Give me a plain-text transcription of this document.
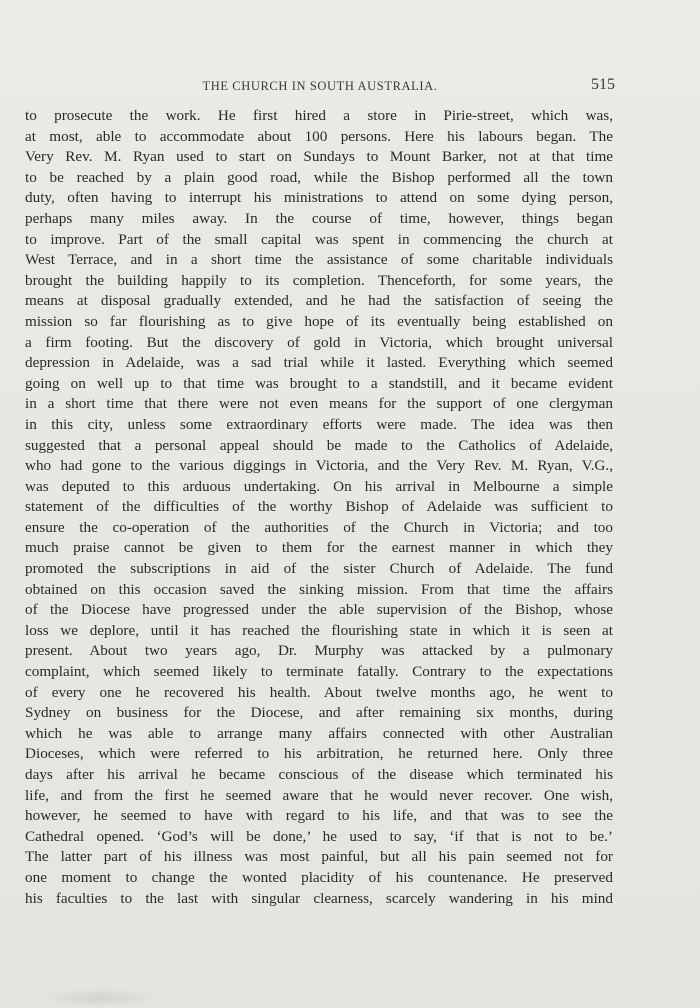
THE CHURCH IN SOUTH AUSTRALIA.	515
to prosecute the work. He first hired a store in Pirie-street, which was,
at most, able to accommodate about 100 persons. Here his labours began. The
Very Rev. M. Ryan used to start on Sundays to Mount Barker, not at that time
to be reached by a plain good road, while the Bishop performed all the town
duty, often having to interrupt his ministrations to attend on some dying person,
perhaps many miles away. In the course of time, however, things began
to improve. Part of the small capital was spent in commencing the church at
West Terrace, and in a short time the assistance of some charitable individuals
brought the building happily to its completion. Thenceforth, for some years, the
means at disposal gradually extended, and he had the satisfaction of seeing the
mission so far flourishing as to give hope of its eventually being established on
a firm footing. But the discovery of gold in Victoria, which brought universal
depression in Adelaide, was a sad trial while it lasted. Everything which seemed
going on well up to that time was brought to a standstill, and it became evident
in a short time that there were not even means for the support of one clergyman
in this city, unless some extraordinary efforts were made. The idea was then
suggested that a personal appeal should be made to the Catholics of Adelaide,
who had gone to the various diggings in Victoria, and the Very Rev. M. Ryan, V.G.,
was deputed to this arduous undertaking. On his arrival in Melbourne a simple
statement of the difficulties of the worthy Bishop of Adelaide was sufficient to
ensure the co-operation of the authorities of the Church in Victoria; and too
much praise cannot be given to them for the earnest manner in which they
promoted the subscriptions in aid of the sister Church of Adelaide. The fund
obtained on this occasion saved the sinking mission. From that time the affairs
of the Diocese have progressed under the able supervision of the Bishop, whose
loss we deplore, until it has reached the flourishing state in which it is seen at
present. About two years ago, Dr. Murphy was attacked by a pulmonary
complaint, which seemed likely to terminate fatally. Contrary to the expectations
of every one he recovered his health. About twelve months ago, he went to
Sydney on business for the Diocese, and after remaining six months, during
which he was able to arrange many affairs connected with other Australian
Dioceses, which were referred to his arbitration, he returned here. Only three
days after his arrival he became conscious of the disease which terminated his
life, and from the first he seemed aware that he would never recover. One wish,
however, he seemed to have with regard to his life, and that was to see the
Cathedral opened. ‘God’s will be done,’ he used to say, ‘if that is not to be.’
The latter part of his illness was most painful, but all his pain seemed not for
one moment to change the wonted placidity of his countenance. He preserved
his faculties to the last with singular clearness, scarcely wandering in his mind
